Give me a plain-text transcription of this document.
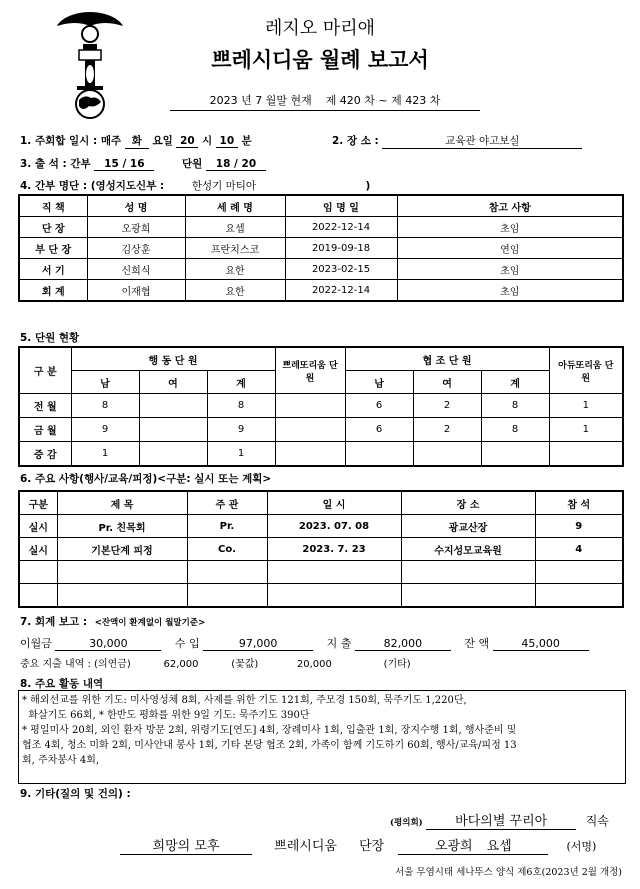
레지오 마리애
쁘레시디움 월례 보고서
2023 년 7 월말 현재    제 420 차 ~ 제 423 차
1. 주회합 일시 : 매주 화 요일 20 시 10 분	2. 장 소 :	교육관 야고보실
3. 출 석 : 간부 15 / 16	단원 18 / 20
4. 간부 명단 : (영성지도신부 :	한성기 마티아	)
직 책	성 명	세 례 명	임 명 일	참고 사항
단 장	오광희	요셉	2022-12-14	초임
부 단 장	김상훈	프란치스코	2019-09-18	연임
서 기	신희식	요한	2023-02-15	초임
회 계	이재협	요한	2022-12-14	초임
5. 단원 현황
구 분	행 동 단 원			쁘레또리움 단 원	협 조 단 원			아듀또리움 단 원
	남	여	계		남	여	계	
전 월	8		8		6	2	8	1
금 월	9		9		6	2	8	1
증 감	1		1					
6. 주요 사항(행사/교육/피정)<구분: 실시 또는 계획>
구분	제 목	주 관	일 시	장 소	참 석
실시	Pr. 친목회	Pr.	2023. 07. 08	광교산장	9
실시	기본단계 피정	Co.	2023. 7. 23	수지성모교육원	4

7. 회계 보고 : <잔액이 환계없이 월말기준>
이월금	30,000	수 입	97,000	지 출	82,000	잔 액	45,000
중요 지출 내역 : (의연금)	62,000	(꽃값)	20,000	(기타)
8. 주요 활동 내역
* 해외선교를 위한 기도: 미사영성체 8회, 사제를 위한 기도 121회, 주모경 150회, 묵주기도 1,220단,
화살기도 66회, * 한반도 평화를 위한 9일 기도: 묵주기도 390단
* 평일미사 20회, 외인 환자 방문 2회, 위령기도[연도] 4회, 장례미사 1회, 입출관 1회, 장지수행 1회, 행사준비 및
협조 4회, 청소 미화 2회, 미사안내 봉사 1회, 기타 본당 협조 2회, 가족이 함께 기도하기 60회, 행사/교육/피정 13
회, 주차봉사 4회,
9. 기타(질의 및 건의) :
(평의회) 바다의별 꾸리아	직속
희망의 모후	쁘레시디움 단장	오광희 요셉	(서명)
서울 무염시태 세나뚜스 양식 제6호(2023년 2월 개정)
